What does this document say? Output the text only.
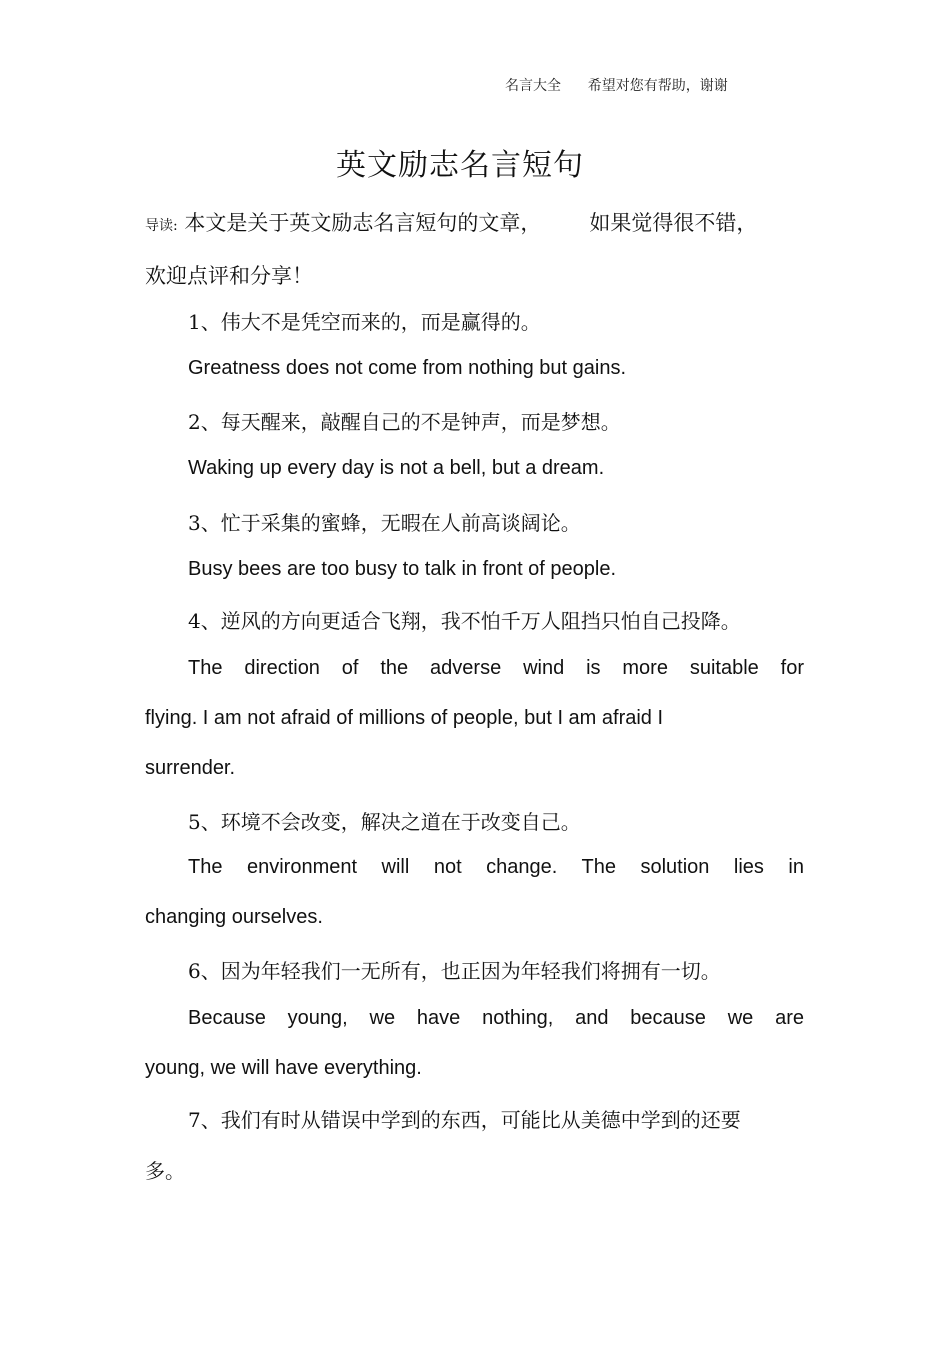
名言大全 希望对您有帮助，谢谢
英文励志名言短句
导读: 本文是关于英文励志名言短句的文章， 如果觉得很不错，
欢迎点评和分享！
1、伟大不是凭空而来的，而是赢得的。
Greatness does not come from nothing but gains.
2、每天醒来，敲醒自己的不是钟声，而是梦想。
Waking up every day is not a bell, but a dream.
3、忙于采集的蜜蜂，无暇在人前高谈阔论。
Busy bees are too busy to talk in front of people.
4、逆风的方向更适合飞翔，我不怕千万人阻挡只怕自己投降。
The direction of the adverse wind is more suitable for
flying. I am not afraid of millions of people, but I am afraid I
surrender.
5、环境不会改变，解决之道在于改变自己。
The environment will not change. The solution lies in
changing ourselves.
6、因为年轻我们一无所有，也正因为年轻我们将拥有一切。
Because young, we have nothing, and because we are
young, we will have everything.
7、我们有时从错误中学到的东西，可能比从美德中学到的还要
多。
